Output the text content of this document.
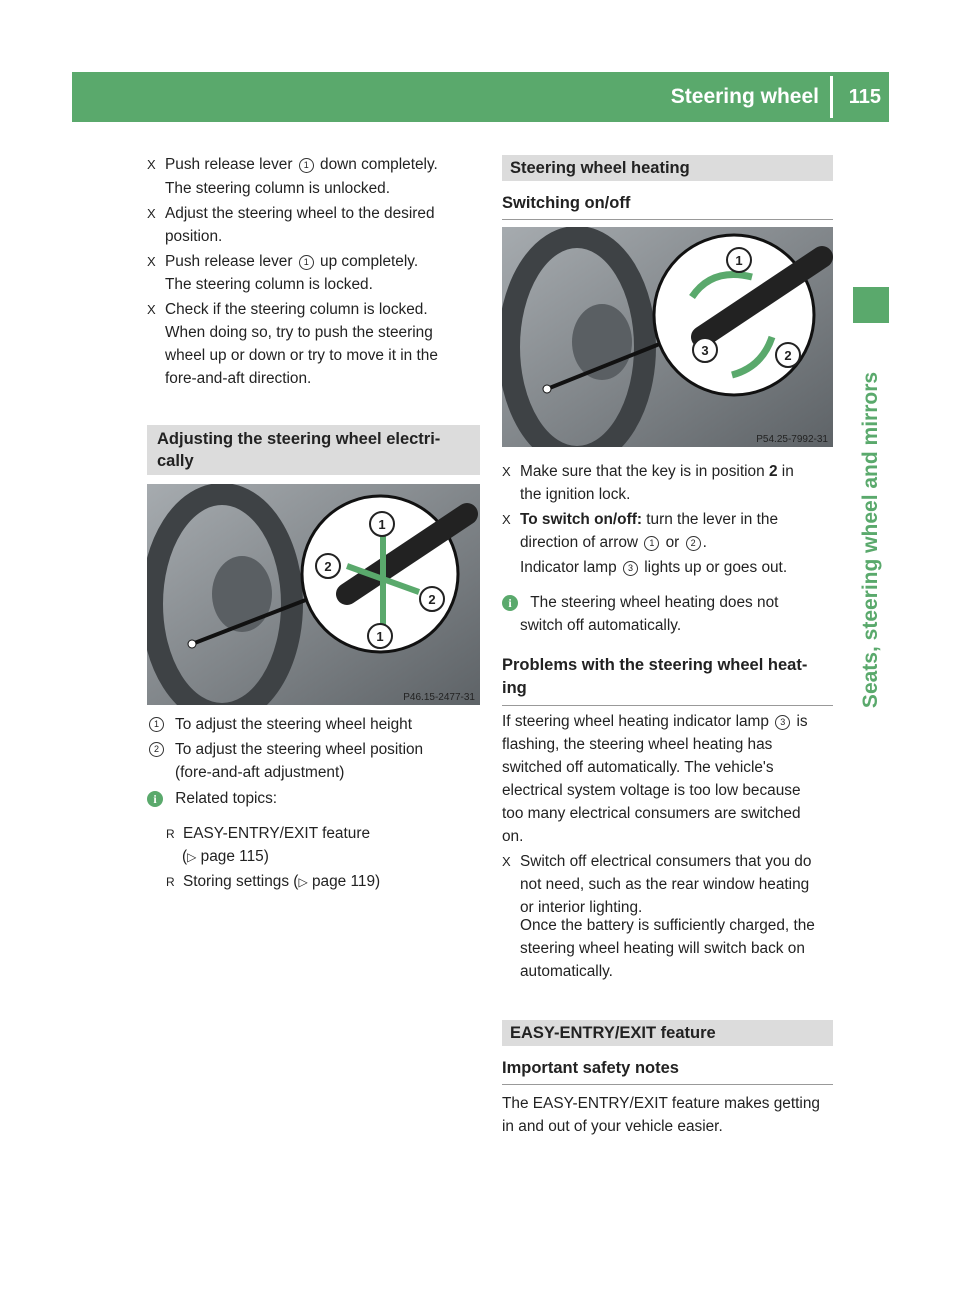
Steering wheel 115
Seats, steering wheel and mirrors
X Push release lever 1 down completely.
The steering column is unlocked.
X Adjust the steering wheel to the desired
position.
X Push release lever 1 up completely.
The steering column is locked.
X Check if the steering column is locked.
When doing so, try to push the steering
wheel up or down or try to move it in the
fore-and-aft direction.
Adjusting the steering wheel electri-
cally
1
2
2
1
P46.15-2477-31
1	To adjust the steering wheel height
2	To adjust the steering wheel position
(fore-and-aft adjustment)
i Related topics:
R EASY-ENTRY/EXIT feature
(▷ page 115)
R Storing settings (▷ page 119)
Steering wheel heating
Switching on/off
1
3	2
P54.25-7992-31
X Make sure that the key is in position 2 in
the ignition lock.
X To switch on/off: turn the lever in the
direction of arrow 1 or 2 .
Indicator lamp 3 lights up or goes out.
i The steering wheel heating does not
switch off automatically.
Problems with the steering wheel heat-
ing

If steering wheel heating indicator lamp 3 is

flashing, the steering wheel heating has

switched off automatically. The vehicle's

electrical system voltage is too low because

too many electrical consumers are switched

on.

X Switch off electrical consumers that you do
not need, such as the rear window heating
or interior lighting.
Once the battery is sufficiently charged, the
steering wheel heating will switch back on
automatically.
EASY-ENTRY/EXIT feature
Important safety notes

The EASY-ENTRY/EXIT feature makes getting

in and out of your vehicle easier.
